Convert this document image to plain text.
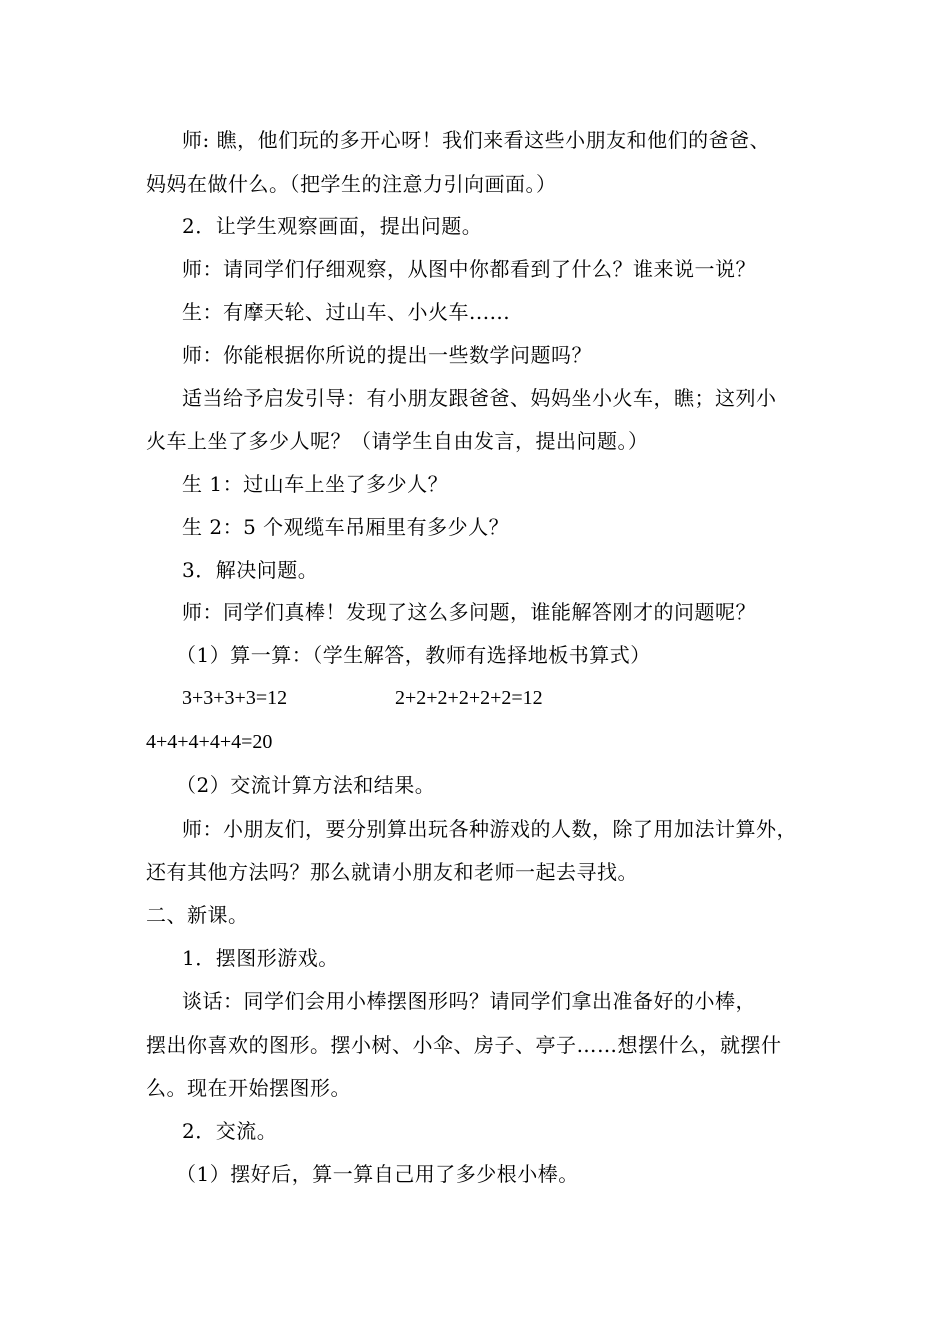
师: 瞧，他们玩的多开心呀！我们来看这些小朋友和他们的爸爸、
妈妈在做什么。（把学生的注意力引向画面。）
2．让学生观察画面，提出问题。
师：请同学们仔细观察，从图中你都看到了什么？谁来说一说？
生：有摩天轮、过山车、小火车......
师：你能根据你所说的提出一些数学问题吗？
适当给予启发引导：有小朋友跟爸爸、妈妈坐小火车，瞧；这列小
火车上坐了多少人呢？（请学生自由发言，提出问题。）
生 1：过山车上坐了多少人？
生 2：5 个观缆车吊厢里有多少人？
3．解决问题。
师：同学们真棒！发现了这么多问题，谁能解答刚才的问题呢？
（1）算一算：（学生解答，教师有选择地板书算式）
3+3+3+3=12	2+2+2+2+2+2=12
4+4+4+4+4=20
（2）交流计算方法和结果。
师：小朋友们，要分别算出玩各种游戏的人数，除了用加法计算外，
还有其他方法吗？那么就请小朋友和老师一起去寻找。
二、新课。
1．摆图形游戏。
谈话：同学们会用小棒摆图形吗？请同学们拿出准备好的小棒，
摆出你喜欢的图形。摆小树、小伞、房子、亭子……想摆什么，就摆什
么。现在开始摆图形。
2．交流。
（1）摆好后，算一算自己用了多少根小棒。
